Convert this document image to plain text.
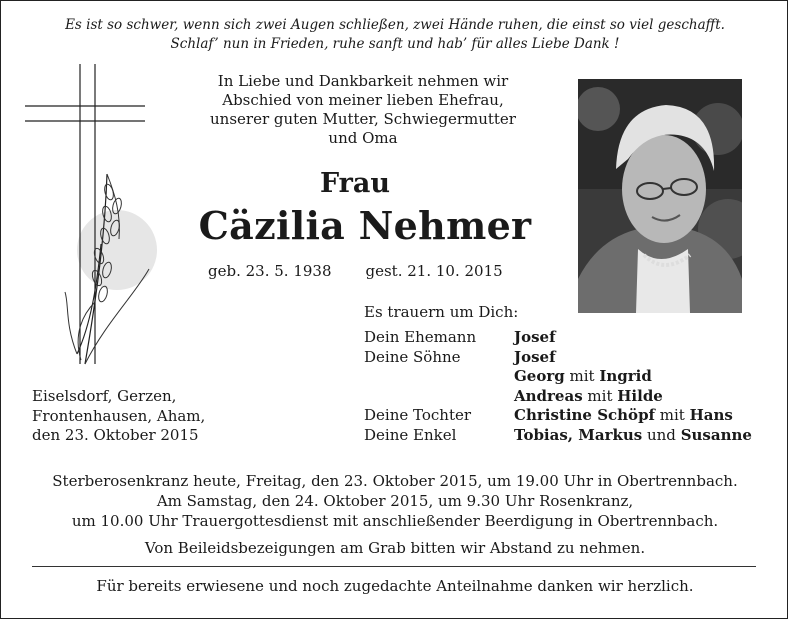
Es ist so schwer, wenn sich zwei Augen schließen, zwei Hände ruhen, die einst so viel geschafft.
Schlaf’ nun in Frieden, ruhe sanft und hab’ für alles Liebe Dank !
In Liebe und Dankbarkeit nehmen wir
Abschied von meiner lieben Ehefrau,
unserer guten Mutter, Schwiegermutter
und Oma
Frau
Cäzilia Nehmer
geb. 23. 5. 1938 gest. 21. 10. 2015
Es trauern um Dich:
Dein Ehemann	Josef
Deine Söhne	Josef
Georg mit Ingrid
Andreas mit Hilde
Deine Tochter	Christine Schöpf mit Hans
Deine Enkel	Tobias, Markus und Susanne
Eiselsdorf, Gerzen,
Frontenhausen, Aham,
den 23. Oktober 2015
Sterberosenkranz heute, Freitag, den 23. Oktober 2015, um 19.00 Uhr in Obertrennbach.
Am Samstag, den 24. Oktober 2015, um 9.30 Uhr Rosenkranz,
um 10.00 Uhr Trauergottesdienst mit anschließender Beerdigung in Obertrennbach.
Von Beileidsbezeigungen am Grab bitten wir Abstand zu nehmen.
Für bereits erwiesene und noch zugedachte Anteilnahme danken wir herzlich.
